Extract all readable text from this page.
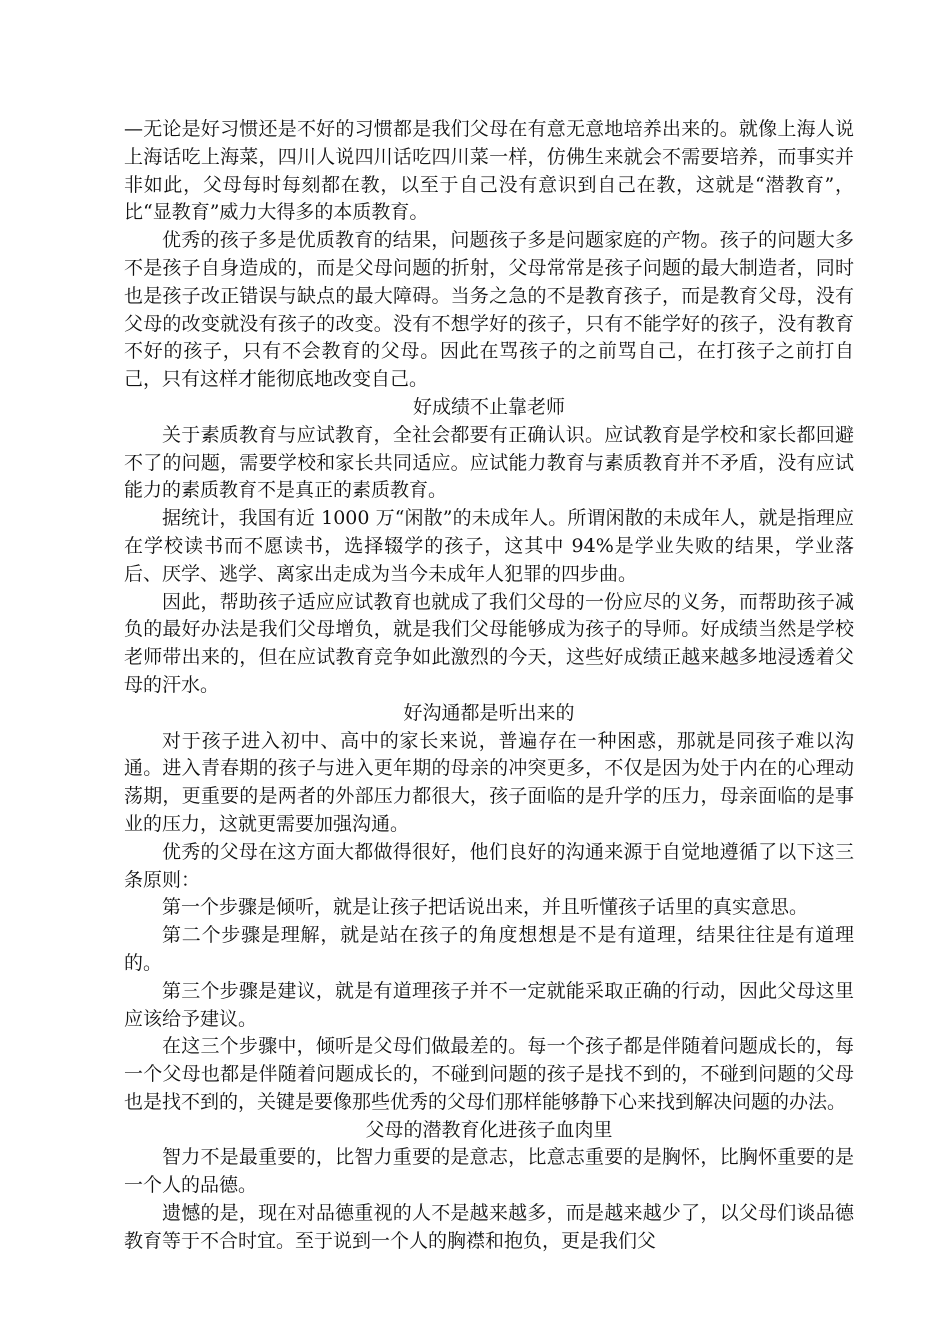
—无论是好习惯还是不好的习惯都是我们父母在有意无意地培养出来的。就像上海人说上海话吃上海菜，四川人说四川话吃四川菜一样，仿佛生来就会不需要培养，而事实并非如此，父母每时每刻都在教，以至于自己没有意识到自己在教，这就是“潜教育”，比“显教育”威力大得多的本质教育。

优秀的孩子多是优质教育的结果，问题孩子多是问题家庭的产物。孩子的问题大多不是孩子自身造成的，而是父母问题的折射，父母常常是孩子问题的最大制造者，同时也是孩子改正错误与缺点的最大障碍。当务之急的不是教育孩子，而是教育父母，没有父母的改变就没有孩子的改变。没有不想学好的孩子，只有不能学好的孩子，没有教育不好的孩子，只有不会教育的父母。因此在骂孩子的之前骂自己，在打孩子之前打自己，只有这样才能彻底地改变自己。

好成绩不止靠老师

关于素质教育与应试教育，全社会都要有正确认识。应试教育是学校和家长都回避不了的问题，需要学校和家长共同适应。应试能力教育与素质教育并不矛盾，没有应试能力的素质教育不是真正的素质教育。

据统计，我国有近 1000 万“闲散”的未成年人。所谓闲散的未成年人，就是指理应在学校读书而不愿读书，选择辍学的孩子，这其中 94%是学业失败的结果，学业落后、厌学、逃学、离家出走成为当今未成年人犯罪的四步曲。

因此，帮助孩子适应应试教育也就成了我们父母的一份应尽的义务，而帮助孩子减负的最好办法是我们父母增负，就是我们父母能够成为孩子的导师。好成绩当然是学校老师带出来的，但在应试教育竞争如此激烈的今天，这些好成绩正越来越多地浸透着父母的汗水。

好沟通都是听出来的

对于孩子进入初中、高中的家长来说，普遍存在一种困惑，那就是同孩子难以沟通。进入青春期的孩子与进入更年期的母亲的冲突更多，不仅是因为处于内在的心理动荡期，更重要的是两者的外部压力都很大，孩子面临的是升学的压力，母亲面临的是事业的压力，这就更需要加强沟通。

优秀的父母在这方面大都做得很好，他们良好的沟通来源于自觉地遵循了以下这三条原则：

第一个步骤是倾听，就是让孩子把话说出来，并且听懂孩子话里的真实意思。

第二个步骤是理解，就是站在孩子的角度想想是不是有道理，结果往往是有道理的。

第三个步骤是建议，就是有道理孩子并不一定就能采取正确的行动，因此父母这里应该给予建议。

在这三个步骤中，倾听是父母们做最差的。每一个孩子都是伴随着问题成长的，每一个父母也都是伴随着问题成长的，不碰到问题的孩子是找不到的，不碰到问题的父母也是找不到的，关键是要像那些优秀的父母们那样能够静下心来找到解决问题的办法。

父母的潜教育化进孩子血肉里

智力不是最重要的，比智力重要的是意志，比意志重要的是胸怀，比胸怀重要的是一个人的品德。

遗憾的是，现在对品德重视的人不是越来越多，而是越来越少了，以父母们谈品德教育等于不合时宜。至于说到一个人的胸襟和抱负，更是我们父
